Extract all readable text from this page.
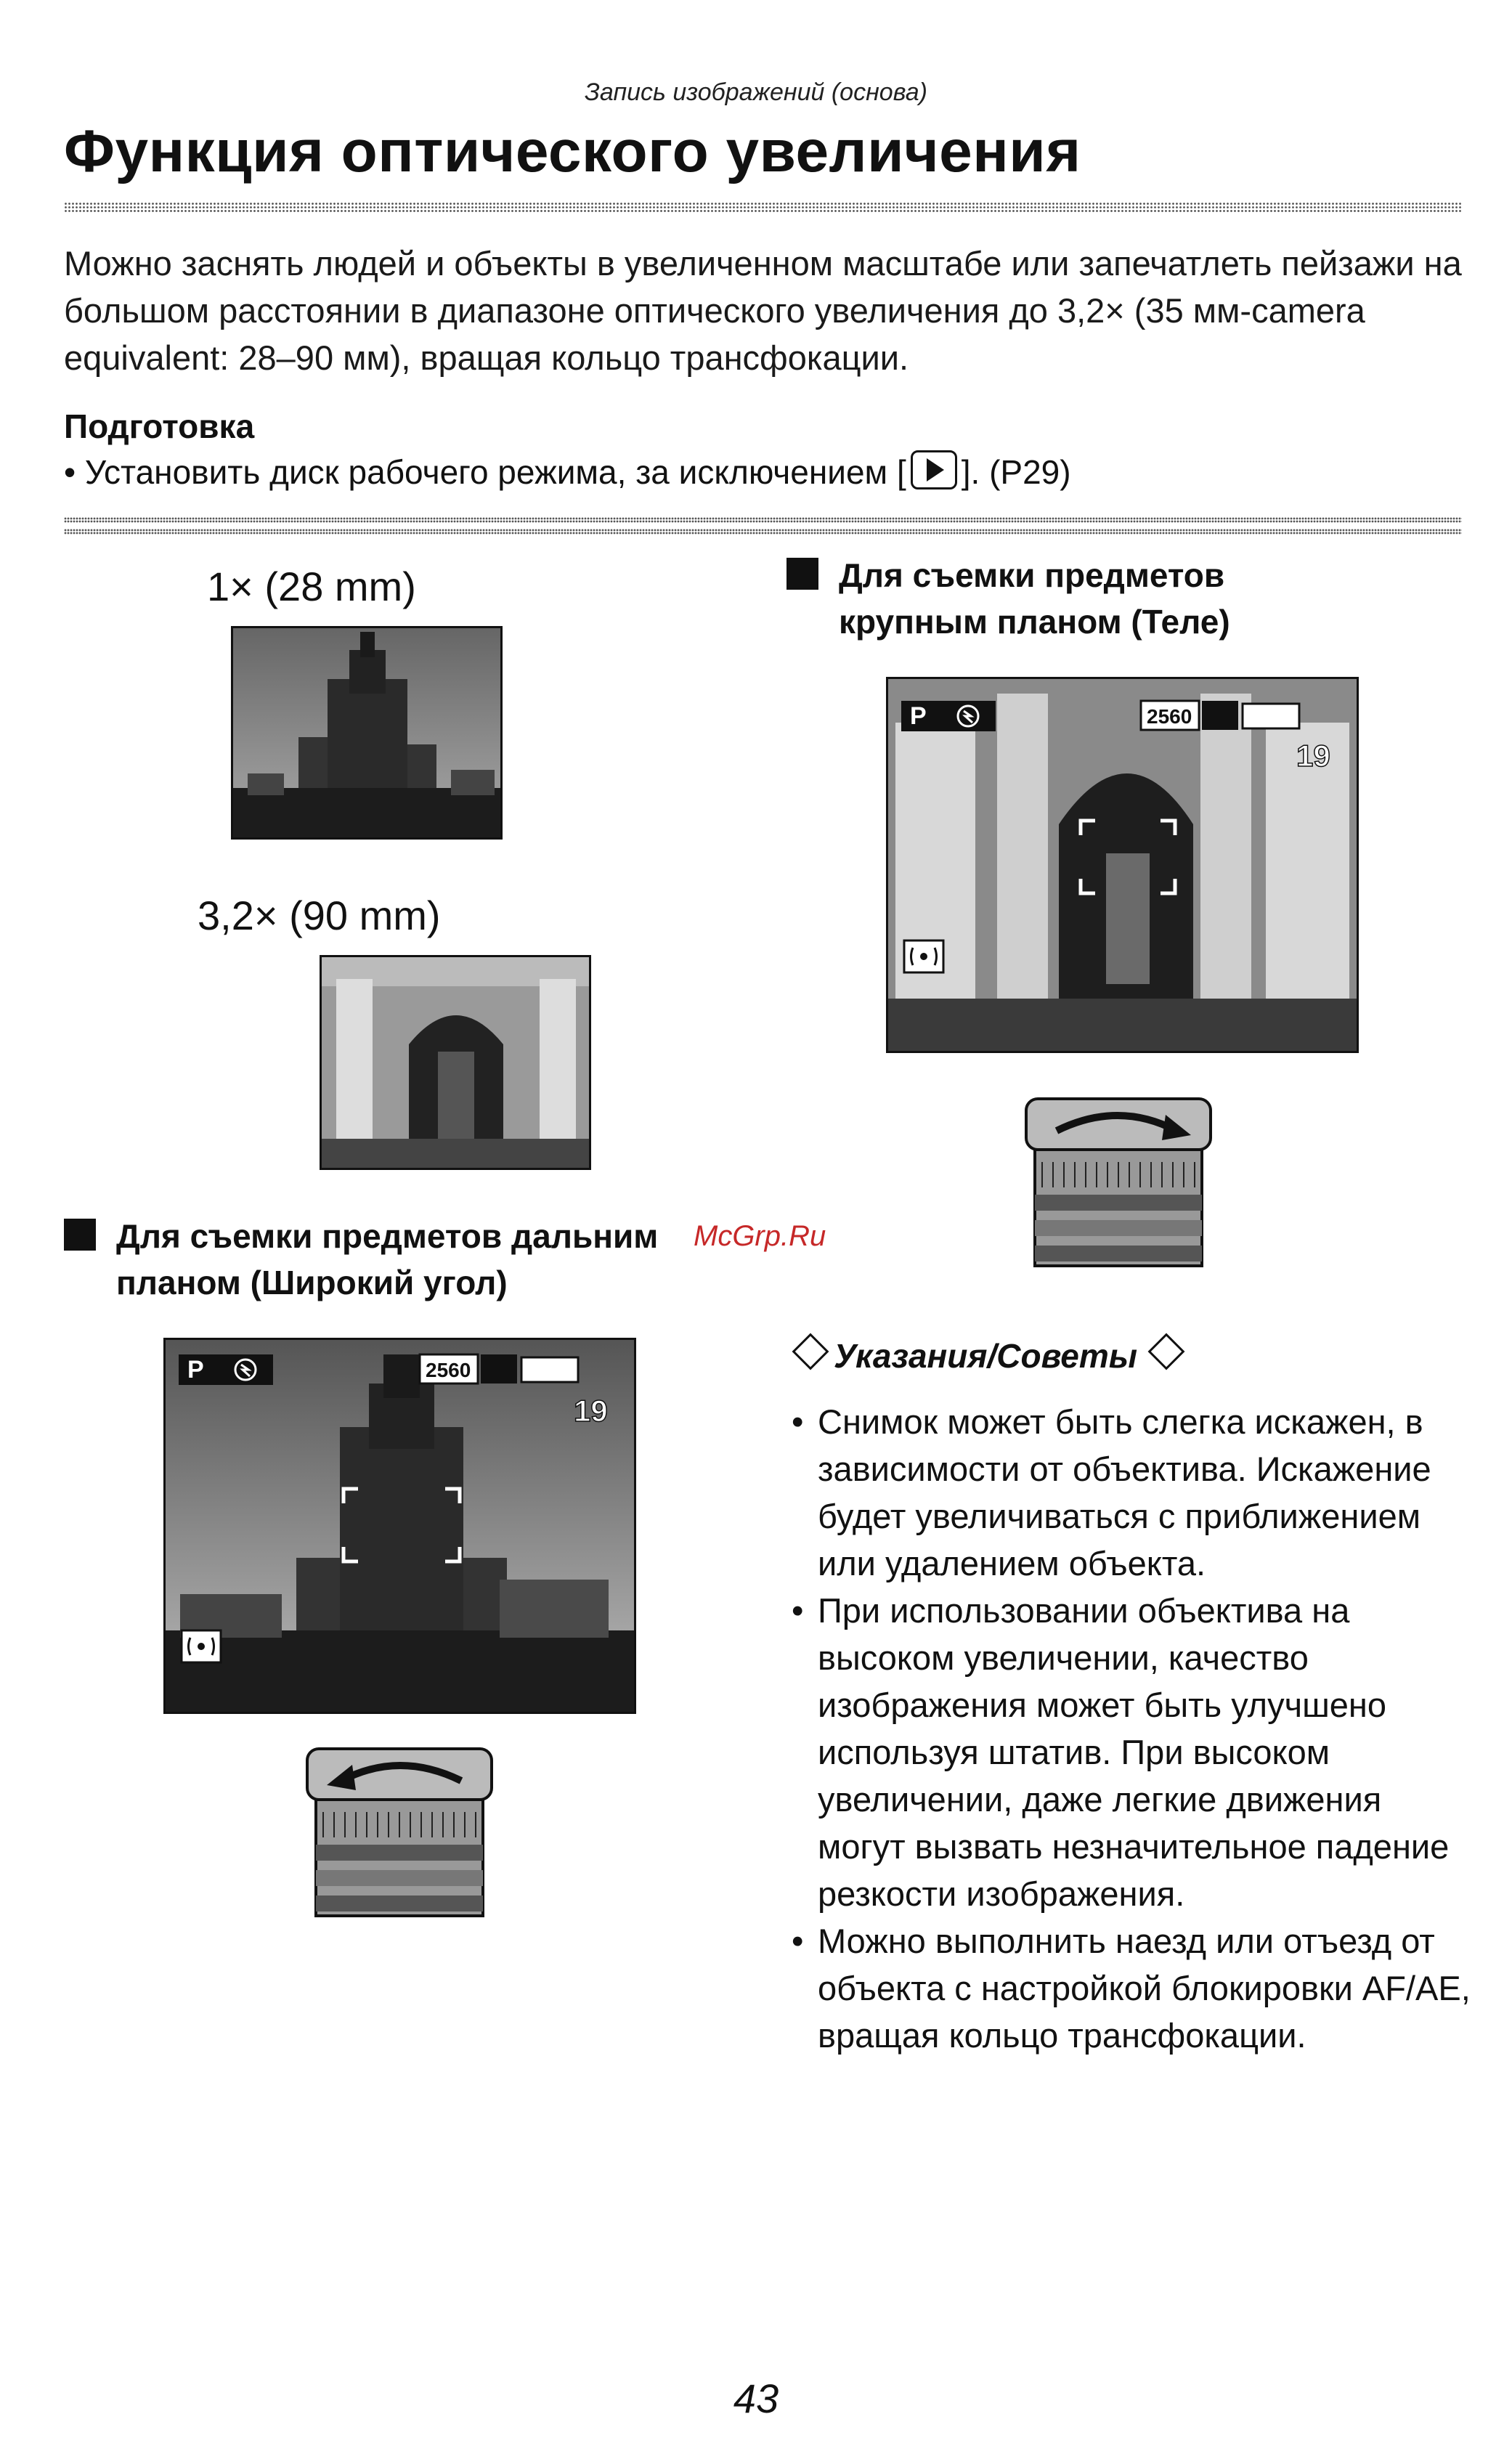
Запись изображений (основа)
Функция оптического увеличения
Можно заснять людей и объекты в увеличенном масштабе или запечатлеть пейзажи на большом расстоянии в диапазоне оптического увеличения до 3,2× (35 мм-camera equivalent: 28–90 мм), вращая кольцо трансфокации.
Подготовка
• Установить диск рабочего режима, за исключением [ ]. (P29)
1× (28 mm)
3,2× (90 mm)
Для съемки предметов
крупным планом (Теле)
P	2560
19
Для съемки предметов дальним
планом (Широкий угол)
McGrp.Ru
P	2560
19
Указания/Советы
• Снимок может быть слегка искажен, в зависимости от объектива. Искажение будет увеличиваться с приближением или удалением объекта.
• При использовании объектива на высоком увеличении, качество изображения может быть улучшено используя штатив. При высоком увеличении, даже легкие движения могут вызвать незначительное падение резкости изображения.
• Можно выполнить наезд или отъезд от объекта с настройкой блокировки AF/AE, вращая кольцо трансфокации.
43
